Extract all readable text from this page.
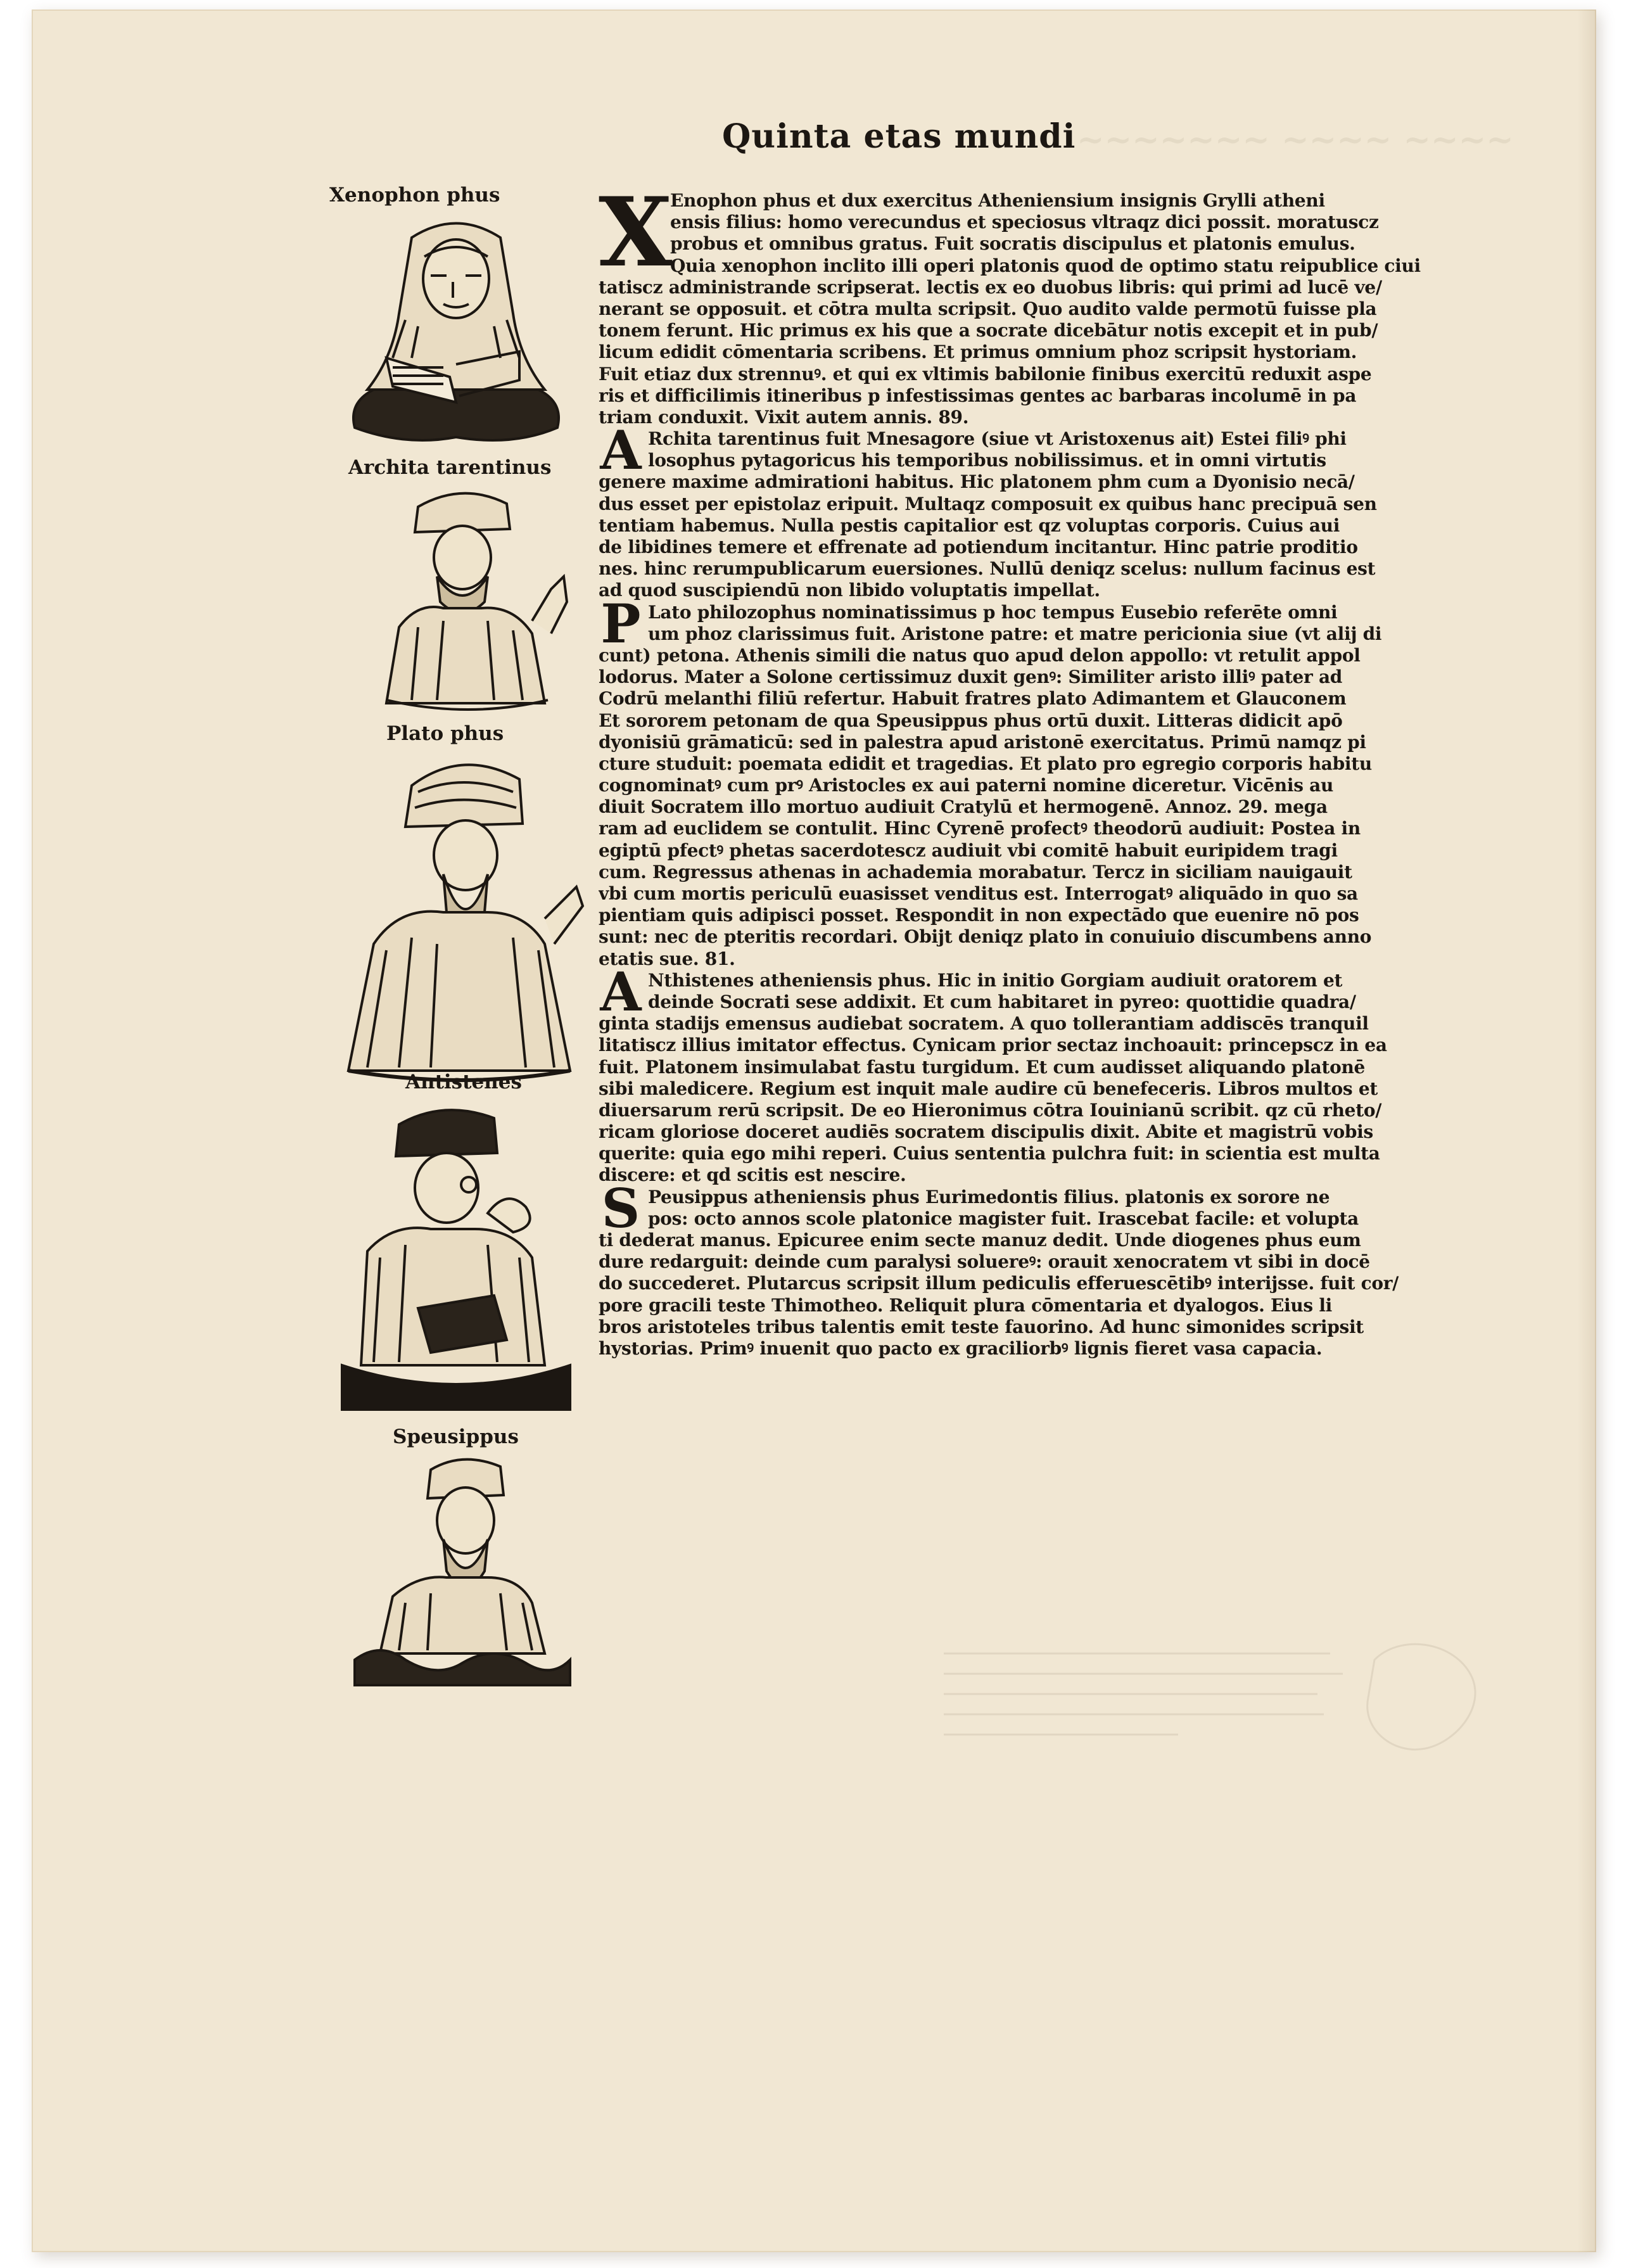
~~~~~~~ ~~~~ ~~~~
Quinta etas mundi
Xenophon phus
Archita tarentinus
Plato phus
Antistenes
Speusippus
X
Enophon phus et dux exercitus Atheniensium insignis Grylli atheni
ensis filius: homo verecundus et speciosus vltraqz dici possit. moratuscz
probus et omnibus gratus. Fuit socratis discipulus et platonis emulus.
Quia xenophon inclito illi operi platonis quod de optimo statu reipublice ciui
tatiscz administrande scripserat. lectis ex eo duobus libris: qui primi ad lucē ve/
nerant se opposuit. et cōtra multa scripsit. Quo audito valde permotū fuisse pla
tonem ferunt. Hic primus ex his que a socrate dicebātur notis excepit et in pub/
licum edidit cōmentaria scribens. Et primus omnium phoz scripsit hystoriam.
Fuit etiaz dux strennuꝰ. et qui ex vltimis babilonie finibus exercitū reduxit aspe
ris et difficilimis itineribus p infestissimas gentes ac barbaras incolumē in pa
triam conduxit. Vixit autem annis. 89.
A Rchita tarentinus fuit Mnesagore (siue vt Aristoxenus ait) Estei filiꝰ phi
losophus pytagoricus his temporibus nobilissimus. et in omni virtutis
genere maxime admirationi habitus. Hic platonem phm cum a Dyonisio necā/
dus esset per epistolaz eripuit. Multaqz composuit ex quibus hanc precipuā sen
tentiam habemus. Nulla pestis capitalior est qz voluptas corporis. Cuius aui
de libidines temere et effrenate ad potiendum incitantur. Hinc patrie proditio
nes. hinc rerumpublicarum euersiones. Nullū deniqz scelus: nullum facinus est
ad quod suscipiendū non libido voluptatis impellat.
P Lato philozophus nominatissimus p hoc tempus Eusebio referēte omni
um phoz clarissimus fuit. Aristone patre: et matre pericionia siue (vt alij di
cunt) petona. Athenis simili die natus quo apud delon appollo: vt retulit appol
lodorus. Mater a Solone certissimuz duxit genꝰ: Similiter aristo illiꝰ pater ad
Codrū melanthi filiū refertur. Habuit fratres plato Adimantem et Glauconem
Et sororem petonam de qua Speusippus phus ortū duxit. Litteras didicit apō
dyonisiū grāmaticū: sed in palestra apud aristonē exercitatus. Primū namqz pi
cture studuit: poemata edidit et tragedias. Et plato pro egregio corporis habitu
cognominatꝰ cum prꝰ Aristocles ex aui paterni nomine diceretur. Vicēnis au
diuit Socratem illo mortuo audiuit Cratylū et hermogenē. Annoz. 29. mega
ram ad euclidem se contulit. Hinc Cyrenē profectꝰ theodorū audiuit: Postea in
egiptū pfectꝰ phetas sacerdotescz audiuit vbi comitē habuit euripidem tragi
cum. Regressus athenas in achademia morabatur. Tercz in siciliam nauigauit
vbi cum mortis periculū euasisset venditus est. Interrogatꝰ aliquādo in quo sa
pientiam quis adipisci posset. Respondit in non expectādo que euenire nō pos
sunt: nec de pteritis recordari. Obijt deniqz plato in conuiuio discumbens anno
etatis sue. 81.
A Nthistenes atheniensis phus. Hic in initio Gorgiam audiuit oratorem et
deinde Socrati sese addixit. Et cum habitaret in pyreo: quottidie quadra/
ginta stadijs emensus audiebat socratem. A quo tollerantiam addiscēs tranquil
litatiscz illius imitator effectus. Cynicam prior sectaz inchoauit: princepscz in ea
fuit. Platonem insimulabat fastu turgidum. Et cum audisset aliquando platonē
sibi maledicere. Regium est inquit male audire cū benefeceris. Libros multos et
diuersarum rerū scripsit. De eo Hieronimus cōtra Iouinianū scribit. qz cū rheto/
ricam gloriose doceret audiēs socratem discipulis dixit. Abite et magistrū vobis
querite: quia ego mihi reperi. Cuius sententia pulchra fuit: in scientia est multa
discere: et qd scitis est nescire.
S Peusippus atheniensis phus Eurimedontis filius. platonis ex sorore ne
pos: octo annos scole platonice magister fuit. Irascebat facile: et volupta
ti dederat manus. Epicuree enim secte manuz dedit. Unde diogenes phus eum
dure redarguit: deinde cum paralysi soluereꝰ: orauit xenocratem vt sibi in docē
do succederet. Plutarcus scripsit illum pediculis efferuescētibꝰ interijsse. fuit cor/
pore gracili teste Thimotheo. Reliquit plura cōmentaria et dyalogos. Eius li
bros aristoteles tribus talentis emit teste fauorino. Ad hunc simonides scripsit
hystorias. Primꝰ inuenit quo pacto ex graciliorbꝰ lignis fieret vasa capacia.
